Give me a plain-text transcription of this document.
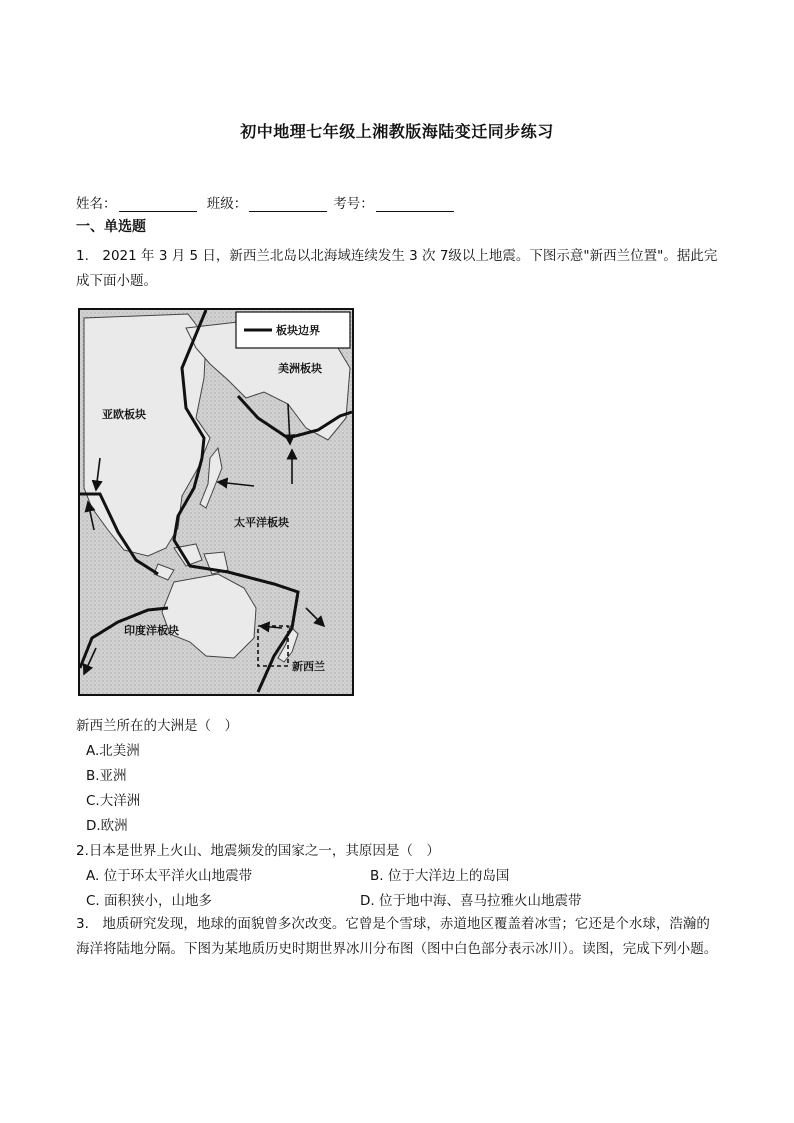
初中地理七年级上湘教版海陆变迁同步练习
姓名：	班级：	考号：
一、单选题
1.　2021 年 3 月 5 日，新西兰北岛以北海域连续发生 3 次 7级以上地震。下图示意"新西兰位置"。据此完成下面小题。
板块边界
美洲板块
亚欧板块
太平洋板块
印度洋板块
新西兰
新西兰所在的大洲是（　）
A.北美洲
B.亚洲
C.大洋洲
D.欧洲
2.日本是世界上火山、地震频发的国家之一，其原因是（　）
A. 位于环太平洋火山地震带	B. 位于大洋边上的岛国
C. 面积狭小，山地多	D. 位于地中海、喜马拉雅火山地震带
3.　地质研究发现，地球的面貌曾多次改变。它曾是个雪球，赤道地区覆盖着冰雪；它还是个水球，浩瀚的海洋将陆地分隔。下图为某地质历史时期世界冰川分布图（图中白色部分表示冰川）。读图，完成下列小题。
